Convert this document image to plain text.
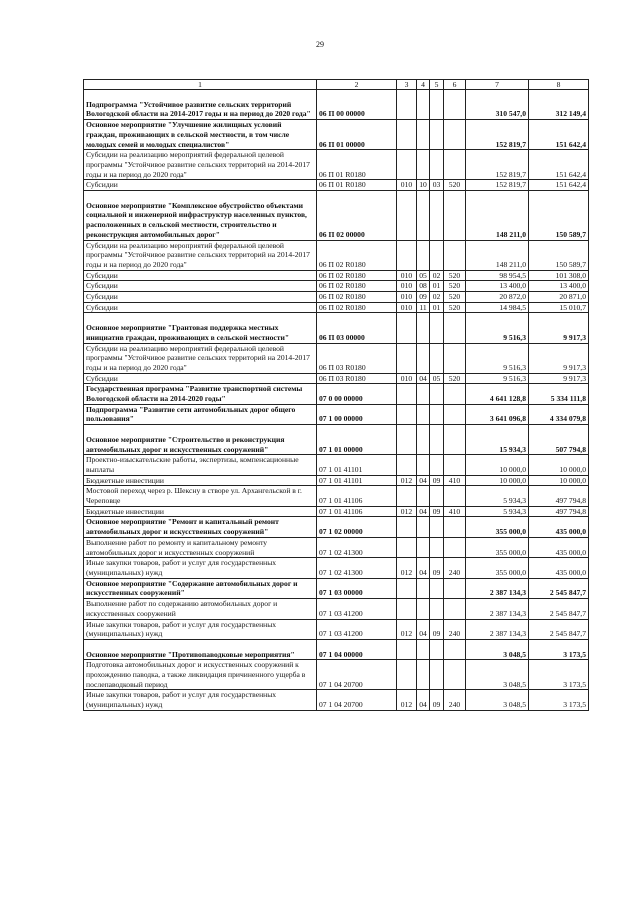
29
1	2	3	4	5	6	7	8
Подпрограмма "Устойчивое развитие сельских территорий Вологодской области на 2014-2017 годы и на период до 2020 года"	06 П 00 00000					310 547,0	312 149,4
Основное мероприятие "Улучшение жилищных условий граждан, проживающих в сельской местности, в том числе молодых семей и молодых специалистов"	06 П 01 00000					152 819,7	151 642,4
Субсидии на реализацию мероприятий федеральной целевой программы "Устойчивое развитие сельских территорий на 2014-2017 годы и на период до 2020 года"	06 П 01 R0180					152 819,7	151 642,4
Субсидии	06 П 01 R0180	010	10	03	520	152 819,7	151 642,4
Основное мероприятие "Комплексное обустройство объектами социальной и инженерной инфраструктур населенных пунктов, расположенных в сельской местности, строительство и реконструкция автомобильных дорог"	06 П 02 00000					148 211,0	150 589,7
Субсидии на реализацию мероприятий федеральной целевой программы "Устойчивое развитие сельских территорий на 2014-2017 годы и на период до 2020 года"	06 П 02 R0180					148 211,0	150 589,7
Субсидии	06 П 02 R0180	010	05	02	520	98 954,5	101 308,0
Субсидии	06 П 02 R0180	010	08	01	520	13 400,0	13 400,0
Субсидии	06 П 02 R0180	010	09	02	520	20 872,0	20 871,0
Субсидии	06 П 02 R0180	010	11	01	520	14 984,5	15 010,7
Основное мероприятие "Грантовая поддержка местных инициатив граждан, проживающих в сельской местности"	06 П 03 00000					9 516,3	9 917,3
Субсидии на реализацию мероприятий федеральной целевой программы "Устойчивое развитие сельских территорий на 2014-2017 годы и на период до 2020 года"	06 П 03 R0180					9 516,3	9 917,3
Субсидии	06 П 03 R0180	010	04	05	520	9 516,3	9 917,3
Государственная программа "Развитие транспортной системы Вологодской области на 2014-2020 годы"	07 0 00 00000					4 641 128,8	5 334 111,8
Подпрограмма "Развитие сети автомобильных дорог общего пользования"	07 1 00 00000					3 641 096,8	4 334 079,8
Основное мероприятие "Строительство и реконструкция автомобильных дорог и искусственных сооружений"	07 1 01 00000					15 934,3	507 794,8
Проектно-изыскательские работы, экспертизы, компенсационные выплаты	07 1 01 41101					10 000,0	10 000,0
Бюджетные инвестиции	07 1 01 41101	012	04	09	410	10 000,0	10 000,0
Мостовой переход через р. Шексну в створе ул. Архангельской в г. Череповце	07 1 01 41106					5 934,3	497 794,8
Бюджетные инвестиции	07 1 01 41106	012	04	09	410	5 934,3	497 794,8
Основное мероприятие "Ремонт и капитальный ремонт автомобильных дорог и искусственных сооружений"	07 1 02 00000					355 000,0	435 000,0
Выполнение работ по ремонту и капитальному ремонту автомобильных дорог и искусственных сооружений	07 1 02 41300					355 000,0	435 000,0
Иные закупки товаров, работ и услуг для государственных (муниципальных) нужд	07 1 02 41300	012	04	09	240	355 000,0	435 000,0
Основное мероприятие "Содержание автомобильных дорог и искусственных сооружений"	07 1 03 00000					2 387 134,3	2 545 847,7
Выполнение работ по содержанию автомобильных дорог и искусственных сооружений	07 1 03 41200					2 387 134,3	2 545 847,7
Иные закупки товаров, работ и услуг для государственных (муниципальных) нужд	07 1 03 41200	012	04	09	240	2 387 134,3	2 545 847,7
Основное мероприятие "Противопаводковые мероприятия"	07 1 04 00000					3 048,5	3 173,5
Подготовка автомобильных дорог и искусственных сооружений к прохождению паводка, а также ликвидация причиненного ущерба в послепаводковый период	07 1 04 20700					3 048,5	3 173,5
Иные закупки товаров, работ и услуг для государственных (муниципальных) нужд	07 1 04 20700	012	04	09	240	3 048,5	3 173,5
